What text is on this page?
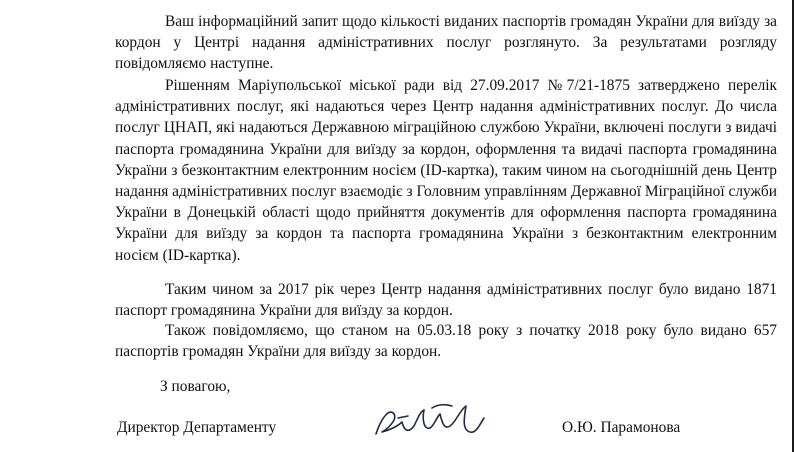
Ваш інформаційний запит щодо кількості виданих паспортів громадян України для виїзду за кордон у Центрі надання адміністративних послуг розглянуто. За результатами розгляду повідомляємо наступне.

Рішенням Маріупольської міської ради від 27.09.2017 №7/21-1875 затверджено перелік адміністративних послуг, які надаються через Центр надання адміністративних послуг. До числа послуг ЦНАП, які надаються Державною міграційною службою України, включені послуги з видачі паспорта громадянина України для виїзду за кордон, оформлення та видачі паспорта громадянина України з безконтактним електронним носієм (ID-картка), таким чином на сьогоднішній день Центр надання адміністративних послуг взаємодіє з Головним управлінням Державної Міграційної служби України в Донецькій області щодо прийняття документів для оформлення паспорта громадянина України для виїзду за кордон та паспорта громадянина України з безконтактним електронним носієм (ID-картка).

Таким чином за 2017 рік через Центр надання адміністративних послуг було видано 1871 паспорт громадянина України для виїзду за кордон.

Також повідомляємо, що станом на 05.03.18 року з початку 2018 року було видано 657 паспортів громадян України для виїзду за кордон.

З повагою,
Директор Департаменту	О.Ю. Парамонова
